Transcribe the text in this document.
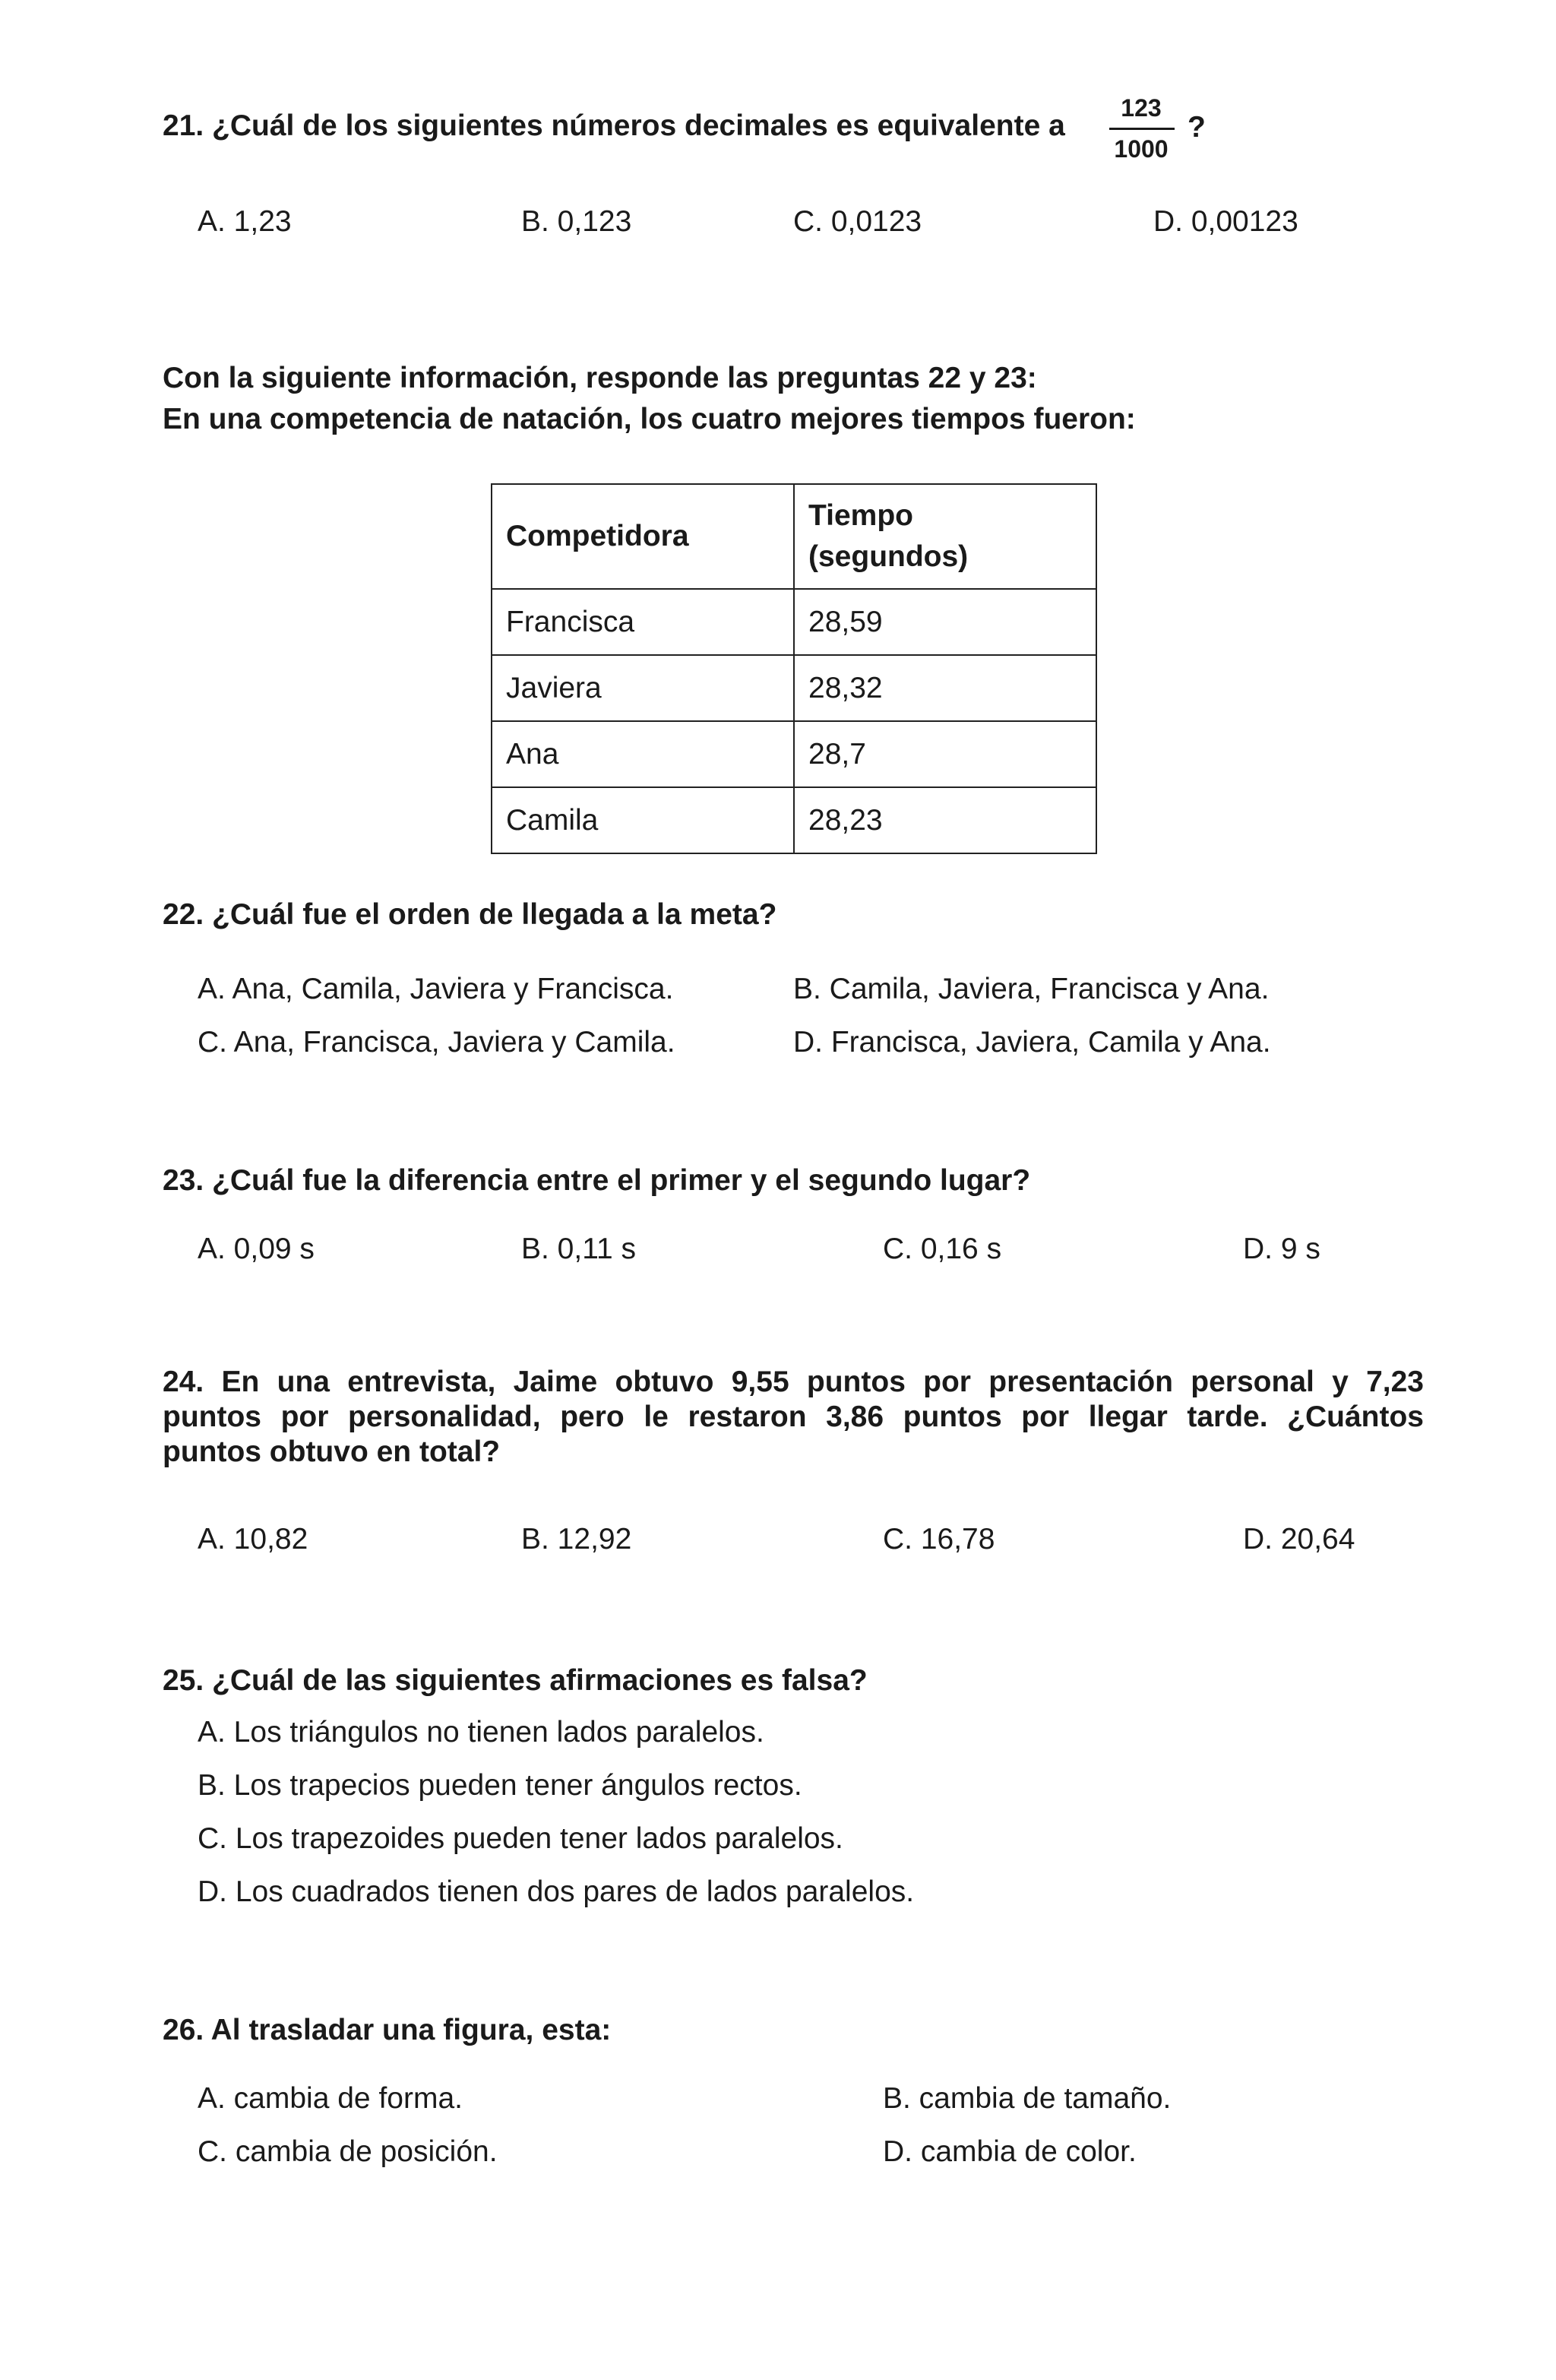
21. ¿Cuál de los siguientes números decimales es equivalente a
123
1000
?
A. 1,23	B. 0,123	C. 0,0123	D. 0,00123
Con la siguiente información, responde las preguntas 22 y 23:
En una competencia de natación, los cuatro mejores tiempos fueron:
Competidora	Tiempo
(segundos)

Francisca	28,59
Javiera	28,32
Ana	28,7
Camila	28,23
22. ¿Cuál fue el orden de llegada a la meta?
A. Ana, Camila, Javiera y Francisca.	B. Camila, Javiera, Francisca y Ana.
C. Ana, Francisca, Javiera y Camila.	D. Francisca, Javiera, Camila y Ana.
23. ¿Cuál fue la diferencia entre el primer y el segundo lugar?
A. 0,09 s	B. 0,11 s	C. 0,16 s	D. 9 s
24. En una entrevista, Jaime obtuvo 9,55 puntos por presentación personal y 7,23
puntos por personalidad, pero le restaron 3,86 puntos por llegar tarde. ¿Cuántos
puntos obtuvo en total?
A. 10,82	B. 12,92	C. 16,78	D. 20,64
25. ¿Cuál de las siguientes afirmaciones es falsa?
A. Los triángulos no tienen lados paralelos.
B. Los trapecios pueden tener ángulos rectos.
C. Los trapezoides pueden tener lados paralelos.
D. Los cuadrados tienen dos pares de lados paralelos.
26. Al trasladar una figura, esta:
A. cambia de forma.	B. cambia de tamaño.
C. cambia de posición.	D. cambia de color.
